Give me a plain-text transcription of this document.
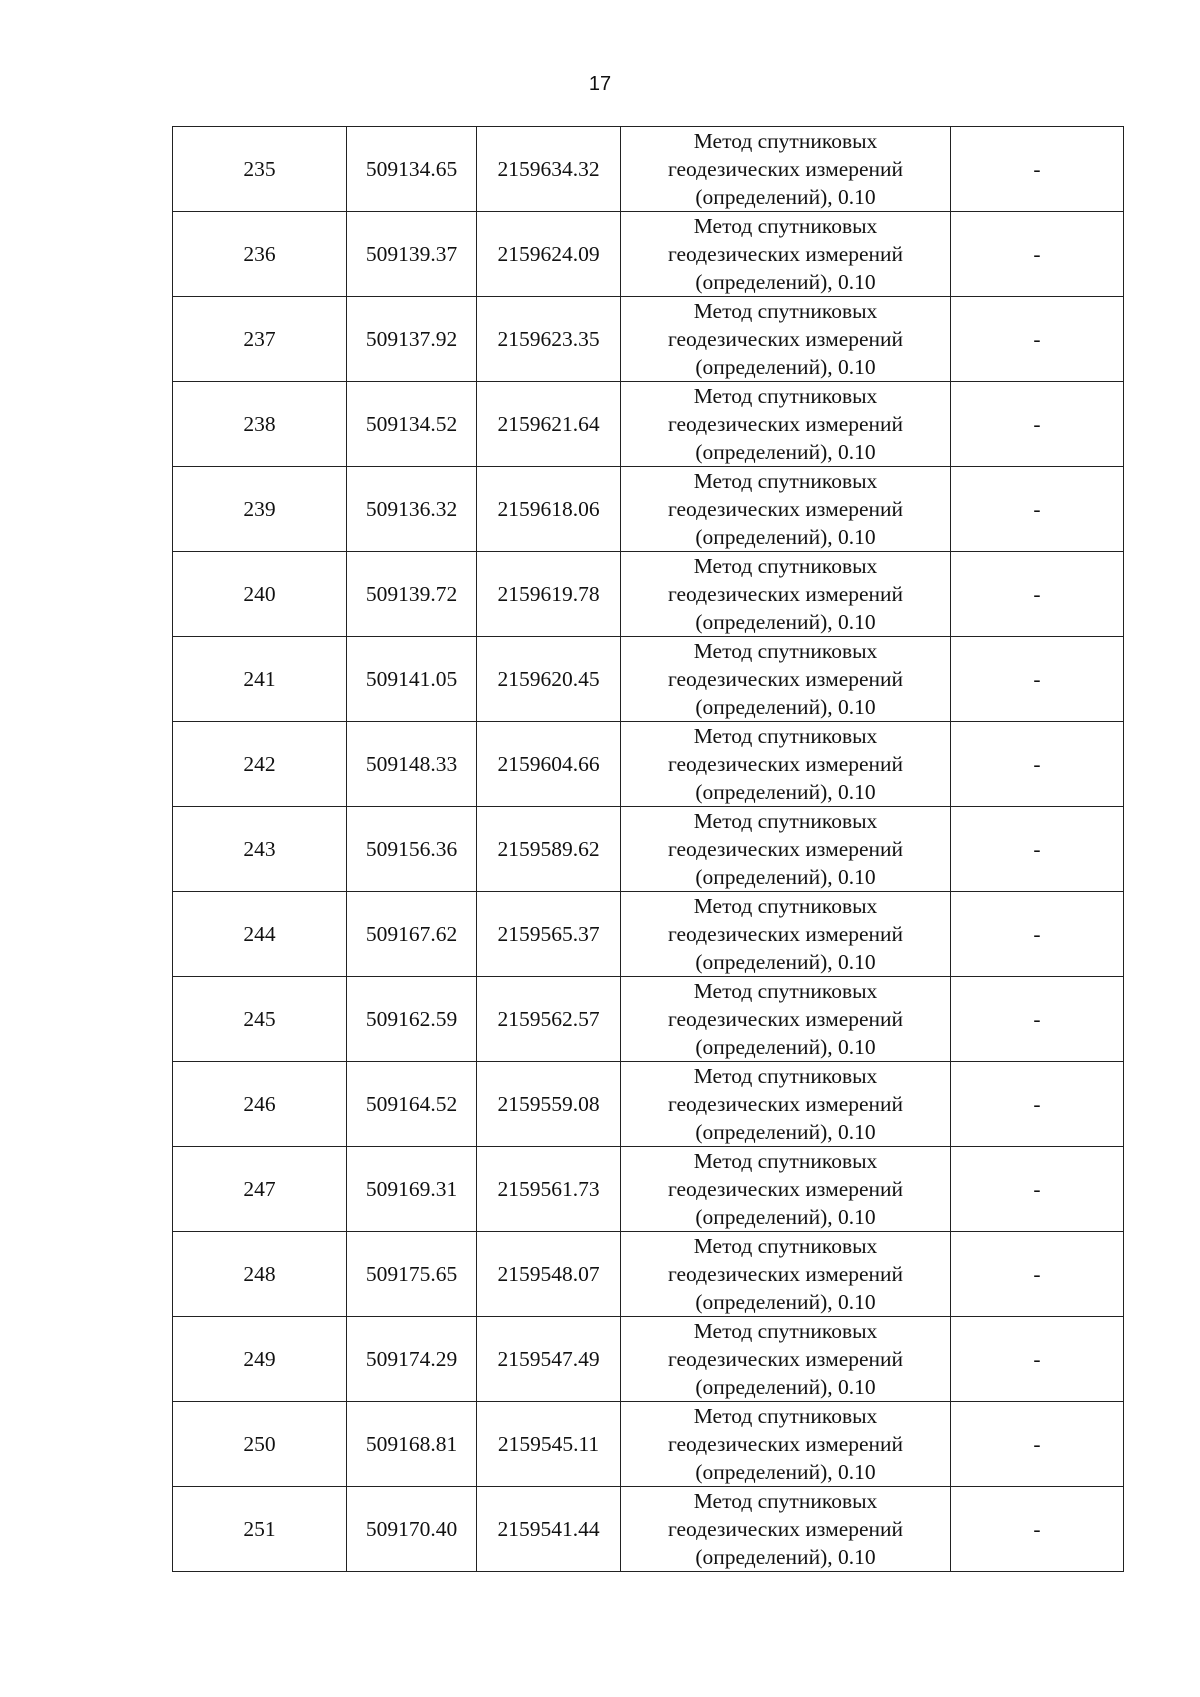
17
235	509134.65	2159634.32	Метод спутниковых
геодезических измерений
(определений), 0.10	-
236	509139.37	2159624.09	Метод спутниковых
геодезических измерений
(определений), 0.10	-
237	509137.92	2159623.35	Метод спутниковых
геодезических измерений
(определений), 0.10	-
238	509134.52	2159621.64	Метод спутниковых
геодезических измерений
(определений), 0.10	-
239	509136.32	2159618.06	Метод спутниковых
геодезических измерений
(определений), 0.10	-
240	509139.72	2159619.78	Метод спутниковых
геодезических измерений
(определений), 0.10	-
241	509141.05	2159620.45	Метод спутниковых
геодезических измерений
(определений), 0.10	-
242	509148.33	2159604.66	Метод спутниковых
геодезических измерений
(определений), 0.10	-
243	509156.36	2159589.62	Метод спутниковых
геодезических измерений
(определений), 0.10	-
244	509167.62	2159565.37	Метод спутниковых
геодезических измерений
(определений), 0.10	-
245	509162.59	2159562.57	Метод спутниковых
геодезических измерений
(определений), 0.10	-
246	509164.52	2159559.08	Метод спутниковых
геодезических измерений
(определений), 0.10	-
247	509169.31	2159561.73	Метод спутниковых
геодезических измерений
(определений), 0.10	-
248	509175.65	2159548.07	Метод спутниковых
геодезических измерений
(определений), 0.10	-
249	509174.29	2159547.49	Метод спутниковых
геодезических измерений
(определений), 0.10	-
250	509168.81	2159545.11	Метод спутниковых
геодезических измерений
(определений), 0.10	-
251	509170.40	2159541.44	Метод спутниковых
геодезических измерений
(определений), 0.10	-
